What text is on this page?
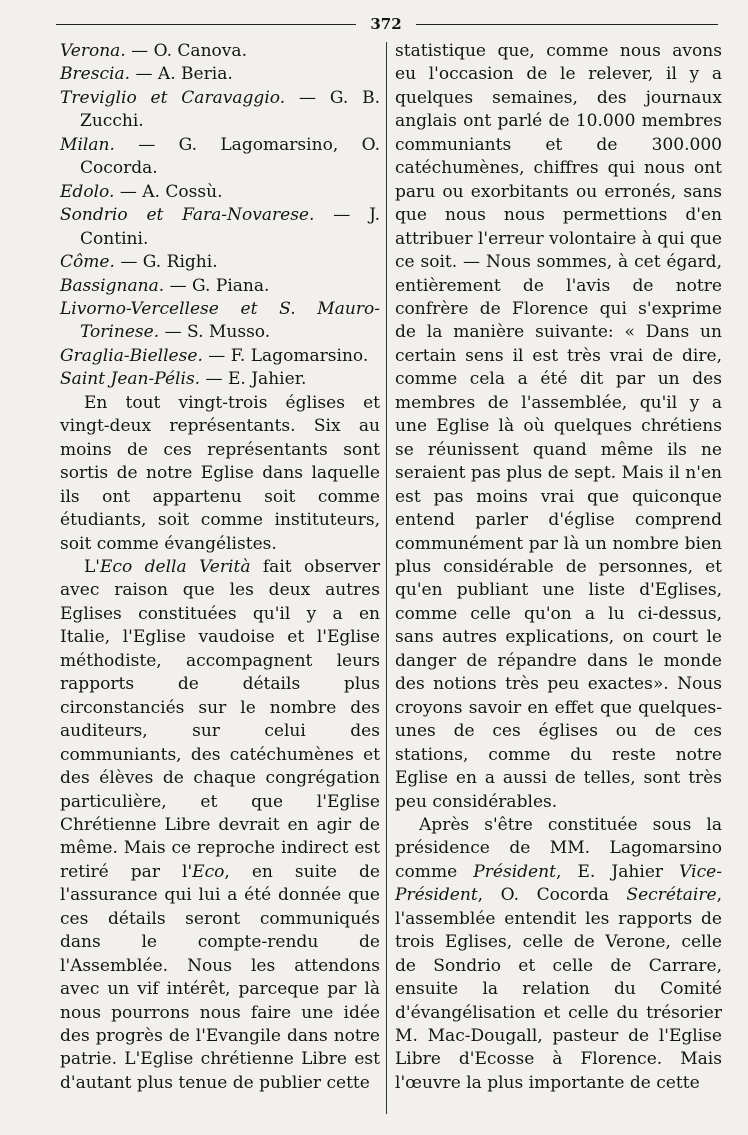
372

Verona. — O. Canova.

Brescia. — A. Beria.

Treviglio et Caravaggio. — G. B. Zucchi.

Milan. — G. Lagomarsino, O. Cocorda.

Edolo. — A. Cossù.

Sondrio et Fara-Novarese. — J. Contini.

Côme. — G. Righi.

Bassignana. — G. Piana.

Livorno-Vercellese et S. Mauro-Torinese. — S. Musso.

Graglia-Biellese. — F. Lagomarsino.

Saint Jean-Pélis. — E. Jahier.

En tout vingt-trois églises et vingt-deux représentants. Six au moins de ces représentants sont sortis de notre Eglise dans laquelle ils ont appartenu soit comme étudiants, soit comme instituteurs, soit comme évangélistes.

L'Eco della Verità fait observer avec raison que les deux autres Eglises constituées qu'il y a en Italie, l'Eglise vaudoise et l'Eglise méthodiste, accompagnent leurs rapports de détails plus circonstanciés sur le nombre des auditeurs, sur celui des communiants, des catéchumènes et des élèves de chaque congrégation particulière, et que l'Eglise Chrétienne Libre devrait en agir de même. Mais ce reproche indirect est retiré par l'Eco, en suite de l'assurance qui lui a été donnée que ces détails seront communiqués dans le compte-rendu de l'Assemblée. Nous les attendons avec un vif intérêt, parceque par là nous pourrons nous faire une idée des progrès de l'Evangile dans notre patrie. L'Eglise chrétienne Libre est d'autant plus tenue de publier cette

statistique que, comme nous avons eu l'occasion de le relever, il y a quelques semaines, des journaux anglais ont parlé de 10.000 membres communiants et de 300.000 catéchumènes, chiffres qui nous ont paru ou exorbitants ou erronés, sans que nous nous permettions d'en attribuer l'erreur volontaire à qui que ce soit. — Nous sommes, à cet égard, entièrement de l'avis de notre confrère de Florence qui s'exprime de la manière suivante: « Dans un certain sens il est très vrai de dire, comme cela a été dit par un des membres de l'assemblée, qu'il y a une Eglise là où quelques chrétiens se réunissent quand même ils ne seraient pas plus de sept. Mais il n'en est pas moins vrai que quiconque entend parler d'église comprend communément par là un nombre bien plus considérable de personnes, et qu'en publiant une liste d'Eglises, comme celle qu'on a lu ci-dessus, sans autres explications, on court le danger de répandre dans le monde des notions très peu exactes». Nous croyons savoir en effet que quelques-unes de ces églises ou de ces stations, comme du reste notre Eglise en a aussi de telles, sont très peu considérables.

Après s'être constituée sous la présidence de MM. Lagomarsino comme Président, E. Jahier Vice-Président, O. Cocorda Secrétaire, l'assemblée entendit les rapports de trois Eglises, celle de Verone, celle de Sondrio et celle de Carrare, ensuite la relation du Comité d'évangélisation et celle du trésorier M. Mac-Dougall, pasteur de l'Eglise Libre d'Ecosse à Florence. Mais l'œuvre la plus importante de cette
